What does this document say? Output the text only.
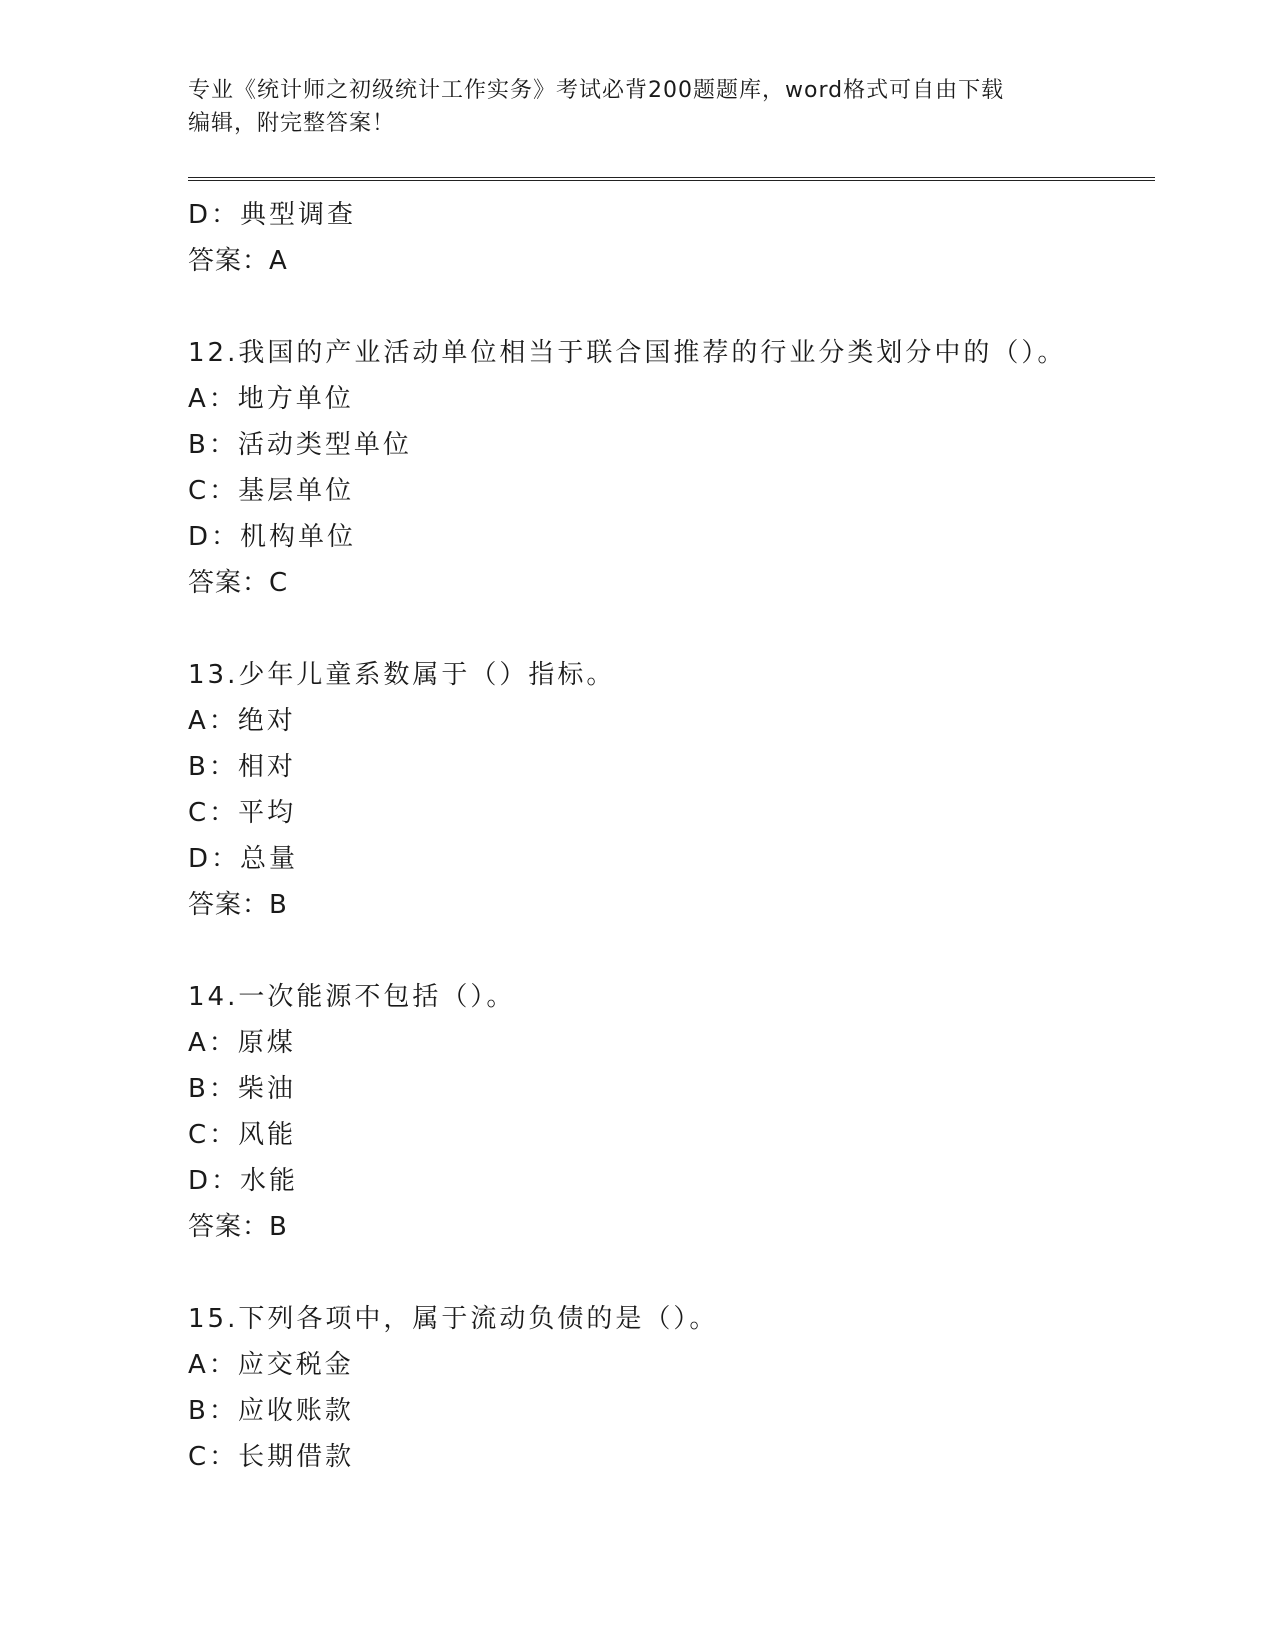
专业《统计师之初级统计工作实务》考试必背200题题库，word格式可自由下载
编辑，附完整答案！
D：典型调查
答案：A
12.我国的产业活动单位相当于联合国推荐的行业分类划分中的（）。
A：地方单位
B：活动类型单位
C：基层单位
D：机构单位
答案：C
13.少年儿童系数属于（）指标。
A：绝对
B：相对
C：平均
D：总量
答案：B
14.一次能源不包括（）。
A：原煤
B：柴油
C：风能
D：水能
答案：B
15.下列各项中，属于流动负债的是（）。
A：应交税金
B：应收账款
C：长期借款
